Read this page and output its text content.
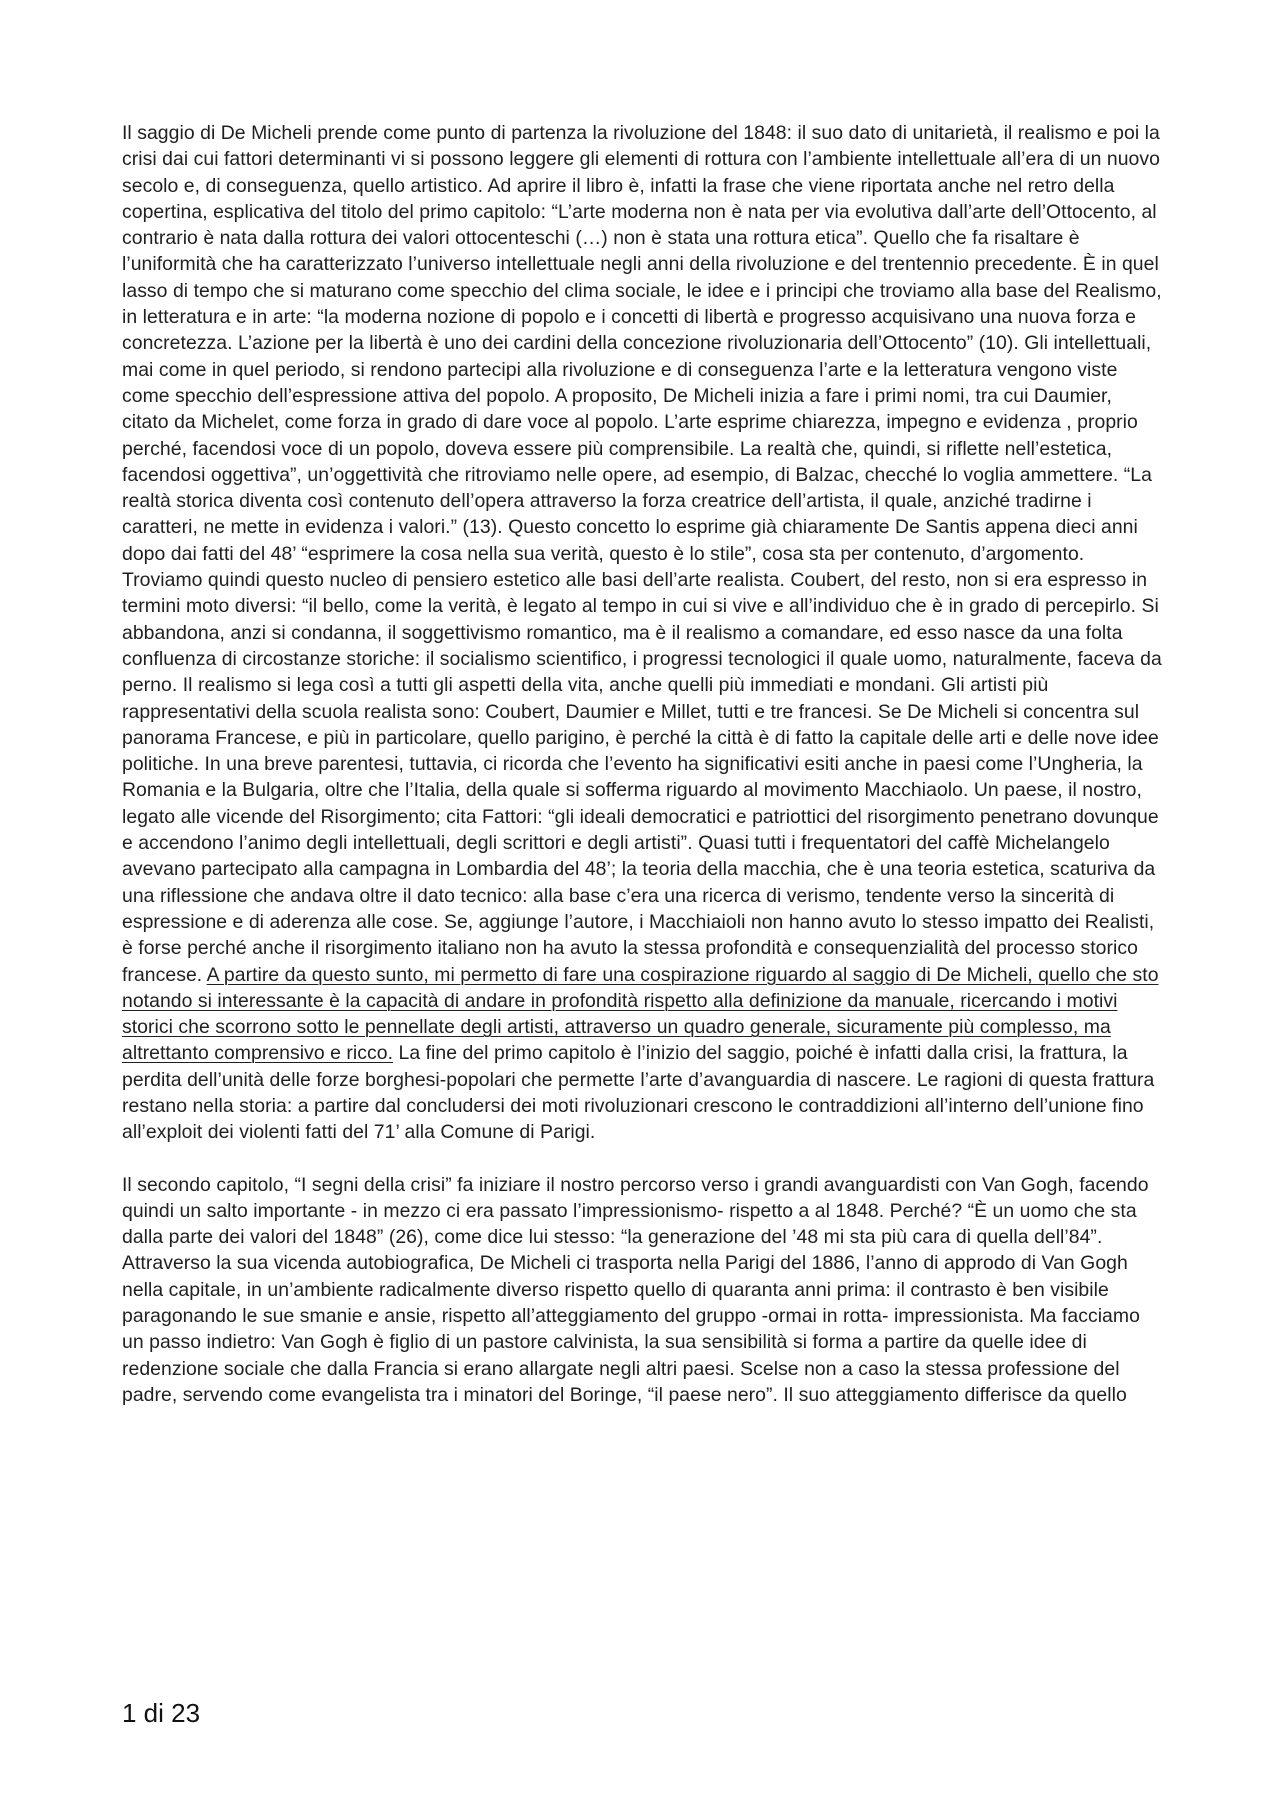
Il saggio di De Micheli prende come punto di partenza la rivoluzione del 1848: il suo dato di unitarietà, il realismo e poi la crisi dai cui fattori determinanti vi si possono leggere gli elementi di rottura con l’ambiente intellettuale all’era di un nuovo secolo e, di conseguenza, quello artistico. Ad aprire il libro è, infatti la frase che viene riportata anche nel retro della copertina, esplicativa del titolo del primo capitolo: “L’arte moderna non è nata per via evolutiva dall’arte dell’Ottocento, al contrario è nata dalla rottura dei valori ottocenteschi (…) non è stata una rottura etica”. Quello che fa risaltare è l’uniformità che ha caratterizzato l’universo intellettuale negli anni della rivoluzione e del trentennio precedente. È in quel lasso di tempo che si maturano come specchio del clima sociale, le idee e i principi che troviamo alla base del Realismo, in letteratura e in arte: “la moderna nozione di popolo e i concetti di libertà e progresso acquisivano una nuova forza e concretezza. L’azione per la libertà è uno dei cardini della concezione rivoluzionaria dell’Ottocento” (10). Gli intellettuali, mai come in quel periodo, si rendono partecipi alla rivoluzione e di conseguenza l’arte e la letteratura vengono viste come specchio dell’espressione attiva del popolo. A proposito, De Micheli inizia a fare i primi nomi, tra cui Daumier, citato da Michelet, come forza in grado di dare voce al popolo. L’arte esprime chiarezza, impegno e evidenza , proprio perché, facendosi voce di un popolo, doveva essere più comprensibile. La realtà che, quindi, si riflette nell’estetica, facendosi oggettiva”, un’oggettività che ritroviamo nelle opere, ad esempio, di Balzac, checché lo voglia ammettere. “La realtà storica diventa così contenuto dell’opera attraverso la forza creatrice dell’artista, il quale, anziché tradirne i caratteri, ne mette in evidenza i valori.” (13). Questo concetto lo esprime già chiaramente De Santis appena dieci anni dopo dai fatti del 48’ “esprimere la cosa nella sua verità, questo è lo stile”, cosa sta per contenuto, d’argomento. Troviamo quindi questo nucleo di pensiero estetico alle basi dell’arte realista. Coubert, del resto, non si era espresso in termini moto diversi: “il bello, come la verità, è legato al tempo in cui si vive e all’individuo che è in grado di percepirlo. Si abbandona, anzi si condanna, il soggettivismo romantico, ma è il realismo a comandare, ed esso nasce da una folta confluenza di circostanze storiche: il socialismo scientifico, i progressi tecnologici il quale uomo, naturalmente, faceva da perno. Il realismo si lega così a tutti gli aspetti della vita, anche quelli più immediati e mondani. Gli artisti più rappresentativi della scuola realista sono: Coubert, Daumier e Millet, tutti e tre francesi. Se De Micheli si concentra sul panorama Francese, e più in particolare, quello parigino, è perché la città è di fatto la capitale delle arti e delle nove idee politiche. In una breve parentesi, tuttavia, ci ricorda che l’evento ha significativi esiti anche in paesi come l’Ungheria, la Romania e la Bulgaria, oltre che l’Italia, della quale si sofferma riguardo al movimento Macchiaolo. Un paese, il nostro, legato alle vicende del Risorgimento; cita Fattori: “gli ideali democratici e patriottici del risorgimento penetrano dovunque e accendono l’animo degli intellettuali, degli scrittori e degli artisti”. Quasi tutti i frequentatori del caffè Michelangelo avevano partecipato alla campagna in Lombardia del 48’; la teoria della macchia, che è una teoria estetica, scaturiva da una riflessione che andava oltre il dato tecnico: alla base c’era una ricerca di verismo, tendente verso la sincerità di espressione e di aderenza alle cose. Se, aggiunge l’autore, i Macchiaioli non hanno avuto lo stesso impatto dei Realisti, è forse perché anche il risorgimento italiano non ha avuto la stessa profondità e consequenzialità del processo storico francese. A partire da questo sunto, mi permetto di fare una cospirazione riguardo al saggio di De Micheli, quello che sto notando si interessante è la capacità di andare in profondità rispetto alla definizione da manuale, ricercando i motivi storici che scorrono sotto le pennellate degli artisti, attraverso un quadro generale, sicuramente più complesso, ma altrettanto comprensivo e ricco. La fine del primo capitolo è l’inizio del saggio, poiché è infatti dalla crisi, la frattura, la perdita dell’unità delle forze borghesi-popolari che permette l’arte d’avanguardia di nascere. Le ragioni di questa frattura restano nella storia: a partire dal concludersi dei moti rivoluzionari crescono le contraddizioni all’interno dell’unione fino all’exploit dei violenti fatti del 71’ alla Comune di Parigi.

Il secondo capitolo, “I segni della crisi” fa iniziare il nostro percorso verso i grandi avanguardisti con Van Gogh, facendo quindi un salto importante - in mezzo ci era passato l’impressionismo- rispetto a al 1848. Perché? “È un uomo che sta dalla parte dei valori del 1848” (26), come dice lui stesso: “la generazione del ’48 mi sta più cara di quella dell’84”. Attraverso la sua vicenda autobiografica, De Micheli ci trasporta nella Parigi del 1886, l’anno di approdo di Van Gogh nella capitale, in un’ambiente radicalmente diverso rispetto quello di quaranta anni prima: il contrasto è ben visibile paragonando le sue smanie e ansie, rispetto all’atteggiamento del gruppo -ormai in rotta- impressionista. Ma facciamo un passo indietro: Van Gogh è figlio di un pastore calvinista, la sua sensibilità si forma a partire da quelle idee di redenzione sociale che dalla Francia si erano allargate negli altri paesi. Scelse non a caso la stessa professione del padre, servendo come evangelista tra i minatori del Boringe, “il paese nero”. Il suo atteggiamento differisce da quello

1 di 23
